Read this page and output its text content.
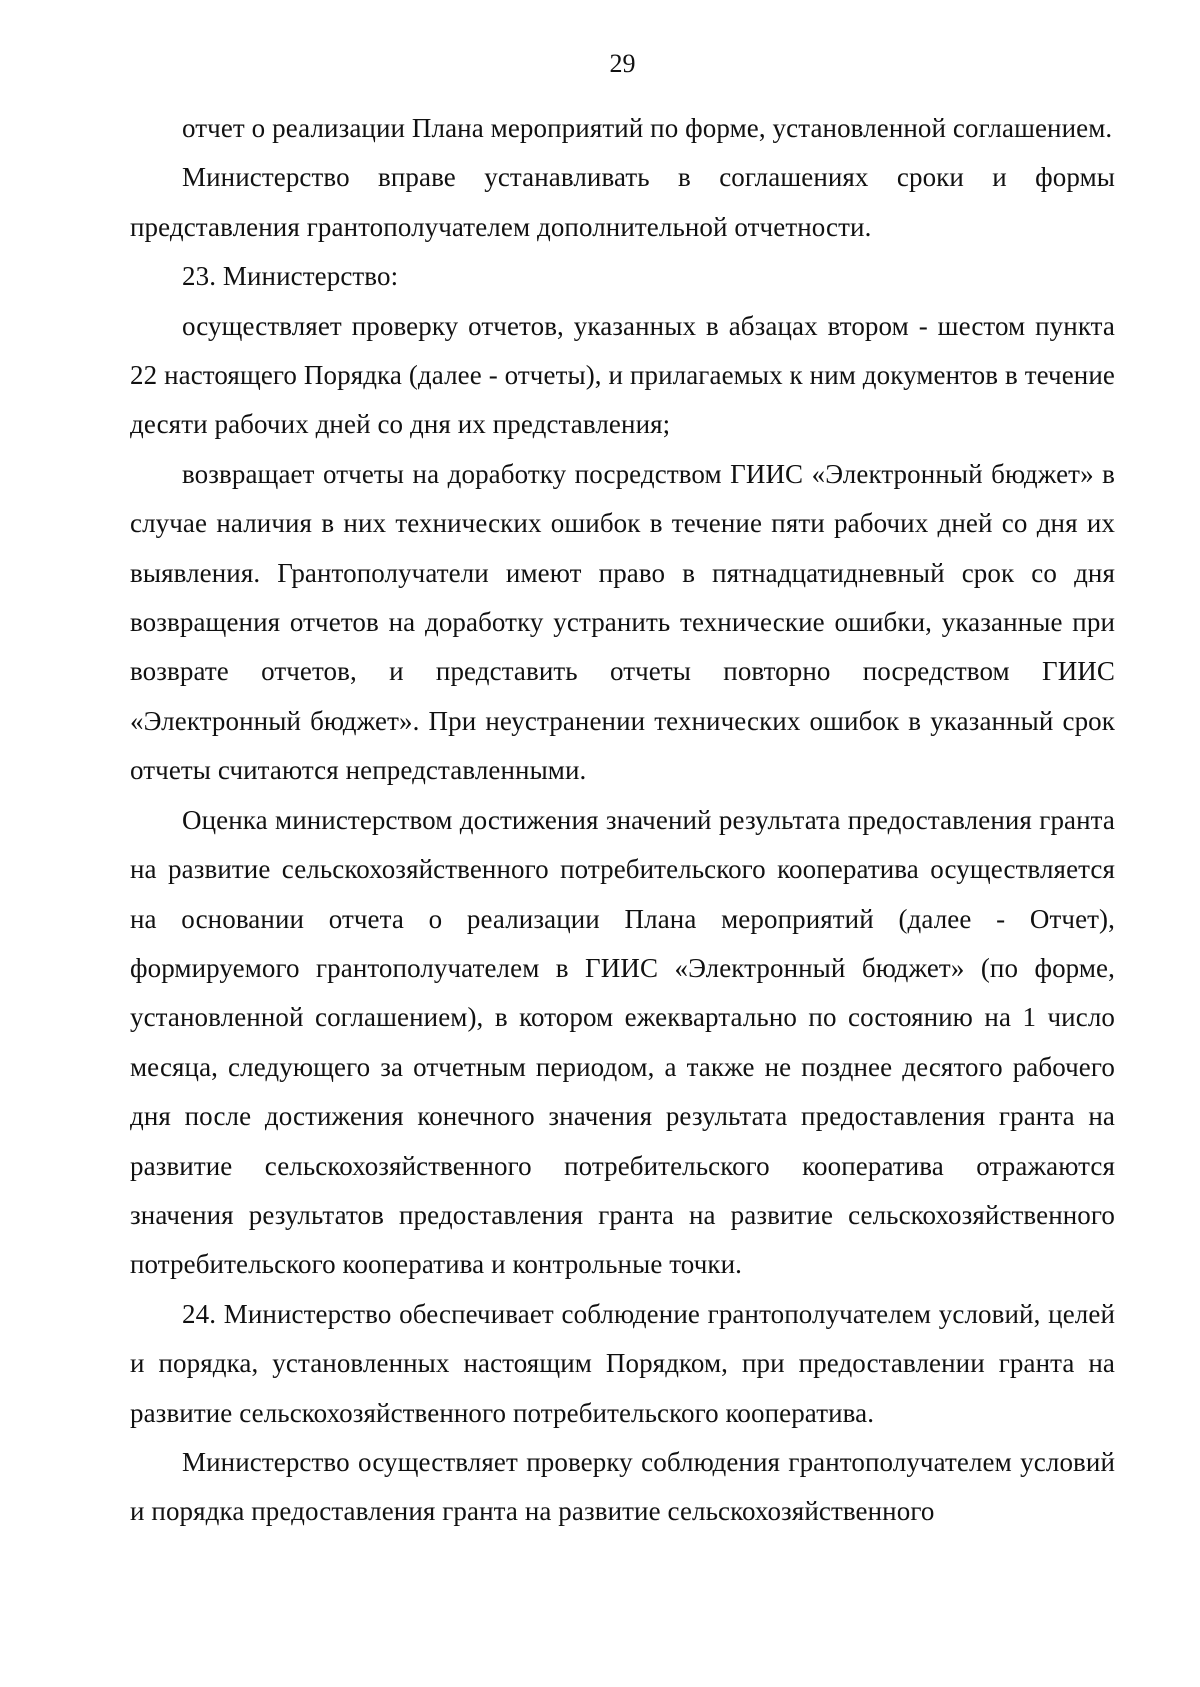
29

отчет о реализации Плана мероприятий по форме, установленной соглашением.

Министерство вправе устанавливать в соглашениях сроки и формы представления грантополучателем дополнительной отчетности.

23. Министерство:

осуществляет проверку отчетов, указанных в абзацах втором - шестом пункта 22 настоящего Порядка (далее - отчеты), и прилагаемых к ним документов в течение десяти рабочих дней со дня их представления;

возвращает отчеты на доработку посредством ГИИС «Электронный бюджет» в случае наличия в них технических ошибок в течение пяти рабочих дней со дня их выявления. Грантополучатели имеют право в пятнадцатидневный срок со дня возвращения отчетов на доработку устранить технические ошибки, указанные при возврате отчетов, и представить отчеты повторно посредством ГИИС «Электронный бюджет». При неустранении технических ошибок в указанный срок отчеты считаются непредставленными.

Оценка министерством достижения значений результата предоставления гранта на развитие сельскохозяйственного потребительского кооператива осуществляется на основании отчета о реализации Плана мероприятий (далее - Отчет), формируемого грантополучателем в ГИИС «Электронный бюджет» (по форме, установленной соглашением), в котором ежеквартально по состоянию на 1 число месяца, следующего за отчетным периодом, а также не позднее десятого рабочего дня после достижения конечного значения результата предоставления гранта на развитие сельскохозяйственного потребительского кооператива отражаются значения результатов предоставления гранта на развитие сельскохозяйственного потребительского кооператива и контрольные точки.

24. Министерство обеспечивает соблюдение грантополучателем условий, целей и порядка, установленных настоящим Порядком, при предоставлении гранта на развитие сельскохозяйственного потребительского кооператива.

Министерство осуществляет проверку соблюдения грантополучателем условий и порядка предоставления гранта на развитие сельскохозяйственного
